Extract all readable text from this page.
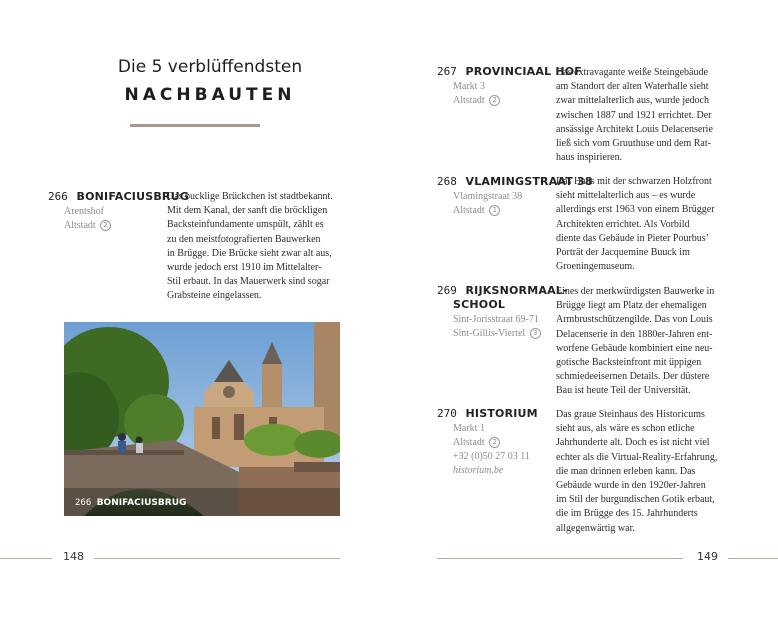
Die 5 verblüffendsten
NACHBAUTEN
266 BONIFACIUSBRUG
Arentshof
Altstadt 2
Das bucklige Brückchen ist stadtbekannt.
Mit dem Kanal, der sanft die bröckligen
Backsteinfundamente umspült, zählt es
zu den meistfotografierten Bauwerken
in Brügge. Die Brücke sieht zwar alt aus,
wurde jedoch erst 1910 im Mittelalter-
Stil erbaut. In das Mauerwerk sind sogar
Grabsteine eingelassen.
266 BONIFACIUSBRUG
267 PROVINCIAAL HOF
Markt 3
Altstadt 2
Das extravagante weiße Steingebäude
am Standort der alten Waterhalle sieht
zwar mittelalterlich aus, wurde jedoch
zwischen 1887 und 1921 errichtet. Der
ansässige Architekt Louis Delacenserie
ließ sich vom Gruuthuse und dem Rat-
haus inspirieren.
268 VLAMINGSTRAAT 38
Vlamingstraat 38
Altstadt 1
Das Haus mit der schwarzen Holzfront
sieht mittelalterlich aus – es wurde
allerdings erst 1963 von einem Brügger
Architekten errichtet. Als Vorbild
diente das Gebäude in Pieter Pourbus’
Porträt der Jacquemine Buuck im
Groeningemuseum.
269 RIJKSNORMAAL-
SCHOOL
Sint-Jorisstraat 69-71
Sint-Gillis-Viertel 3
Eines der merkwürdigsten Bauwerke in
Brügge liegt am Platz der ehemaligen
Armbrustschützengilde. Das von Louis
Delacenserie in den 1880er-Jahren ent-
worfene Gebäude kombiniert eine neu-
gotische Backsteinfront mit üppigen
schmiedeeisernen Details. Der düstere
Bau ist heute Teil der Universität.
270 HISTORIUM
Markt 1
Altstadt 2
+32 (0)50 27 03 11
historium.be
Das graue Steinhaus des Historicums
sieht aus, als wäre es schon etliche
Jahrhunderte alt. Doch es ist nicht viel
echter als die Virtual-Reality-Erfahrung,
die man drinnen erleben kann. Das
Gebäude wurde in den 1920er-Jahren
im Stil der burgundischen Gotik erbaut,
die im Brügge des 15. Jahrhunderts
allgegenwärtig war.
148	149
